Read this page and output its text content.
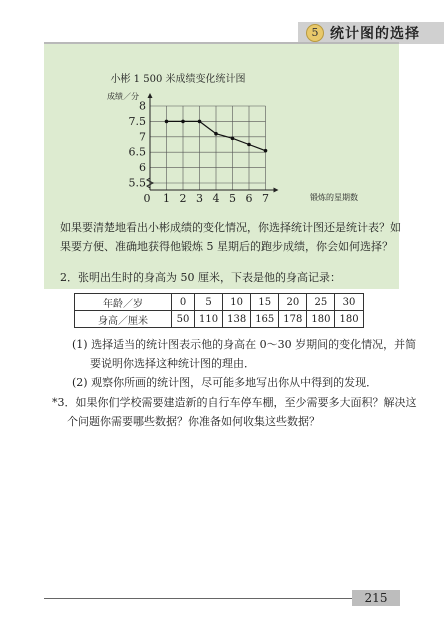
5 统计图的选择
小彬 1 500 米成绩变化统计图
成绩／分
锻炼的星期数
5.5
6
6.5
7
7.5
8
0 1 2 3 4 5 6 7
如果要清楚地看出小彬成绩的变化情况，你选择统计图还是统计表？如
果要方便、准确地获得他锻炼 5 星期后的跑步成绩，你会如何选择？
2．张明出生时的身高为 50 厘米，下表是他的身高记录：
年龄／岁	0	5	10	15	20	25	30
身高／厘米	50	110	138	165	178	180	180
(1) 选择适当的统计图表示他的身高在 0～30 岁期间的变化情况，并简
要说明你选择这种统计图的理由．
(2) 观察你所画的统计图，尽可能多地写出你从中得到的发现．
*3．如果你们学校需要建造新的自行车停车棚，至少需要多大面积？解决这
个问题你需要哪些数据？你准备如何收集这些数据？
215
